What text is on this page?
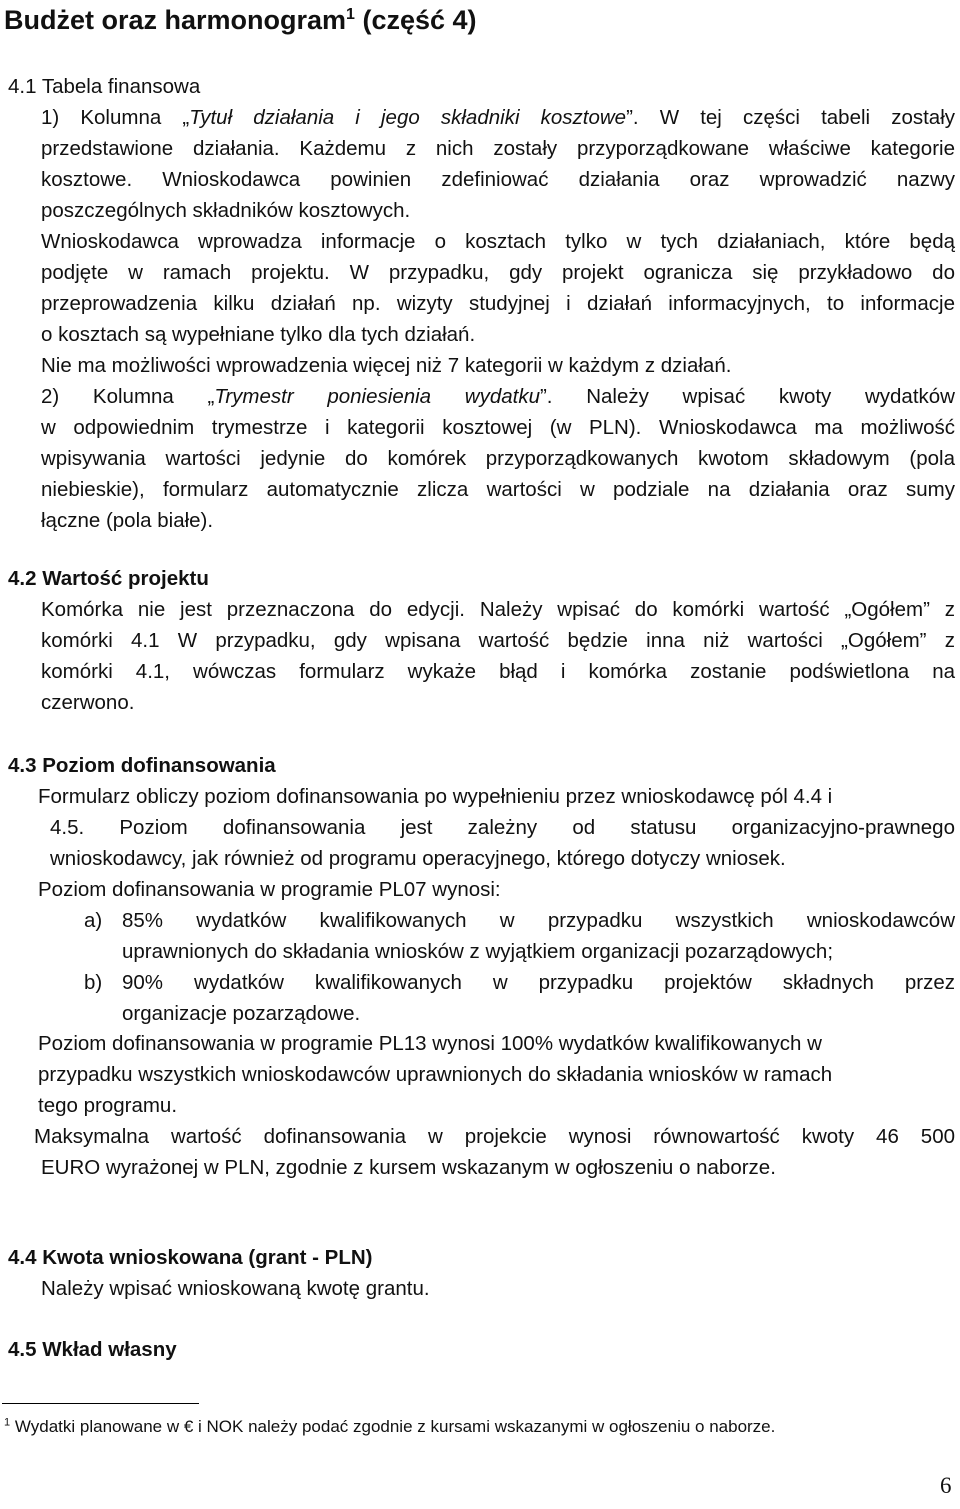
Budżet oraz harmonogram$^1$ (część 4)
4.1 Tabela finansowa
1) Kolumna „Tytuł działania i jego składniki kosztowe”. W tej części tabeli zostały
przedstawione działania. Każdemu z nich zostały przyporządkowane właściwe kategorie
kosztowe. Wnioskodawca powinien zdefiniować działania oraz wprowadzić nazwy
poszczególnych składników kosztowych.
Wnioskodawca wprowadza informacje o kosztach tylko w tych działaniach, które będą
podjęte w ramach projektu. W przypadku, gdy projekt ogranicza się przykładowo do
przeprowadzenia kilku działań np. wizyty studyjnej i działań informacyjnych, to informacje
o kosztach są wypełniane tylko dla tych działań.
Nie ma możliwości wprowadzenia więcej niż 7 kategorii w każdym z działań.
2) Kolumna „Trymestr poniesienia wydatku”. Należy wpisać kwoty wydatków
w odpowiednim trymestrze i kategorii kosztowej (w PLN). Wnioskodawca ma możliwość
wpisywania wartości jedynie do komórek przyporządkowanych kwotom składowym (pola
niebieskie), formularz automatycznie zlicza wartości w podziale na działania oraz sumy
łączne (pola białe).
4.2 Wartość projektu
Komórka nie jest przeznaczona do edycji. Należy wpisać do komórki wartość „Ogółem” z
komórki 4.1 W przypadku, gdy wpisana wartość będzie inna niż wartości „Ogółem” z
komórki 4.1, wówczas formularz wykaże błąd i komórka zostanie podświetlona na
czerwono.
4.3 Poziom dofinansowania
Formularz obliczy poziom dofinansowania po wypełnieniu przez wnioskodawcę pól 4.4 i
4.5. Poziom dofinansowania jest zależny od statusu organizacyjno-prawnego
wnioskodawcy, jak również od programu operacyjnego, którego dotyczy wniosek.
Poziom dofinansowania w programie PL07 wynosi:
a) 85% wydatków kwalifikowanych w przypadku wszystkich wnioskodawców
uprawnionych do składania wniosków z wyjątkiem organizacji pozarządowych;
b) 90% wydatków kwalifikowanych w przypadku projektów składnych przez
organizacje pozarządowe.
Poziom dofinansowania w programie PL13 wynosi 100% wydatków kwalifikowanych w
przypadku wszystkich wnioskodawców uprawnionych do składania wniosków w ramach
tego programu.
Maksymalna wartość dofinansowania w projekcie wynosi równowartość kwoty 46 500
EURO wyrażonej w PLN, zgodnie z kursem wskazanym w ogłoszeniu o naborze.
4.4 Kwota wnioskowana (grant - PLN)
Należy wpisać wnioskowaną kwotę grantu.
4.5 Wkład własny
$^1$ Wydatki planowane w € i NOK należy podać zgodnie z kursami wskazanymi w ogłoszeniu o naborze.
6
